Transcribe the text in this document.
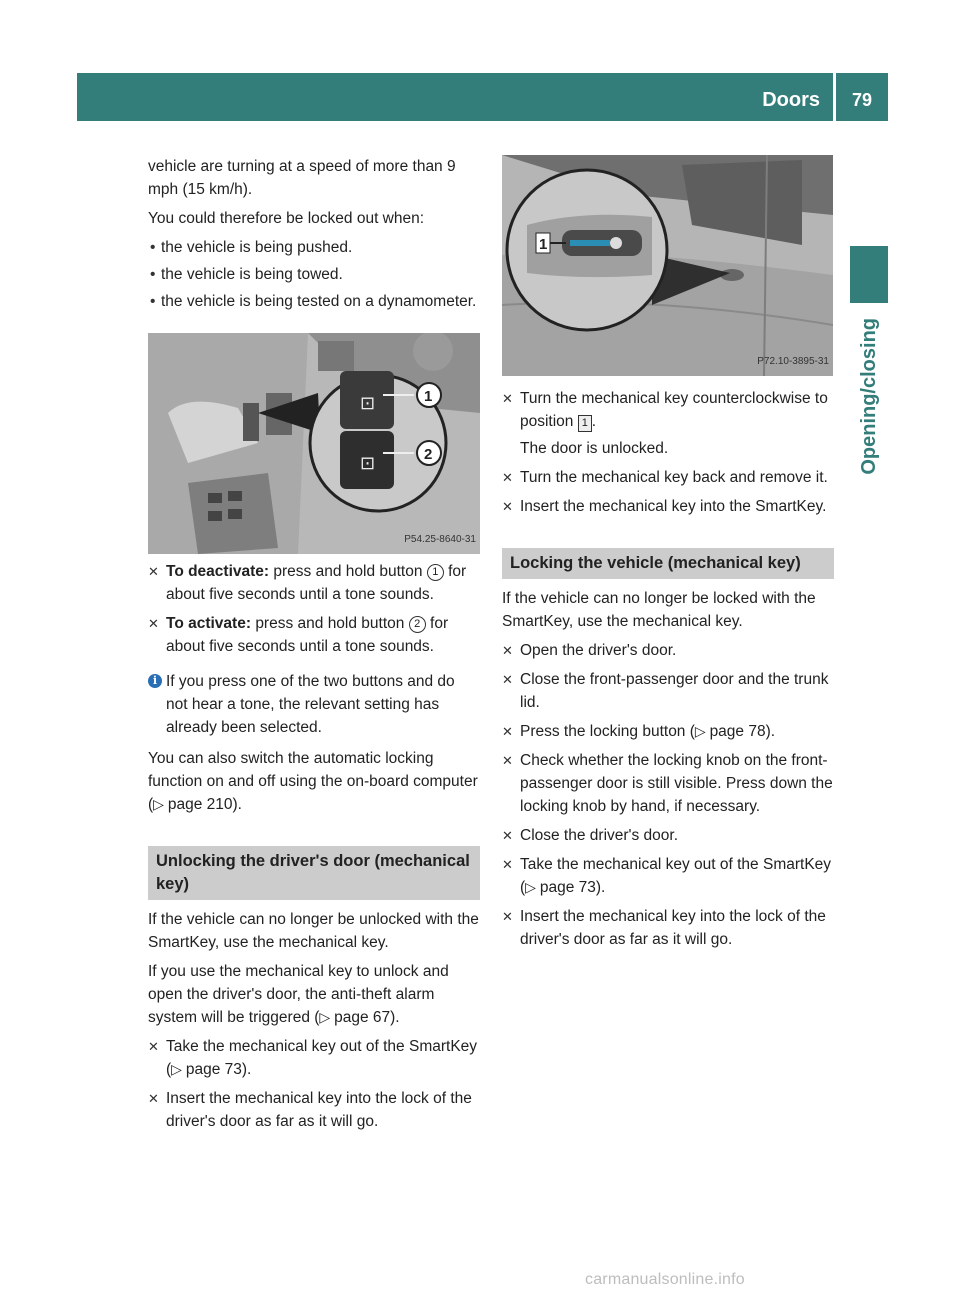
Doors	79
Opening/closing

vehicle are turning at a speed of more than 9 mph (15 km/h).

You could therefore be locked out when:

• the vehicle is being pushed.
• the vehicle is being towed.
• the vehicle is being tested on a dynamometer.
⊡
⊡
1
2
P54.25-8640-31
✕ To deactivate: press and hold button 1 for about five seconds until a tone sounds.
✕ To activate: press and hold button 2 for about five seconds until a tone sounds.
i If you press one of the two buttons and do not hear a tone, the relevant setting has already been selected.

You can also switch the automatic locking function on and off using the on-board computer (▷ page 210).

Unlocking the driver's door (mechanical key)

If the vehicle can no longer be unlocked with the SmartKey, use the mechanical key.

If you use the mechanical key to unlock and open the driver's door, the anti-theft alarm system will be triggered (▷ page 67).

✕ Take the mechanical key out of the SmartKey (▷ page 73).
✕ Insert the mechanical key into the lock of the driver's door as far as it will go.
1
P72.10-3895-31
✕ Turn the mechanical key counterclockwise to position 1 .
The door is unlocked.
✕ Turn the mechanical key back and remove it.
✕ Insert the mechanical key into the SmartKey.
Locking the vehicle (mechanical key)

If the vehicle can no longer be locked with the SmartKey, use the mechanical key.

✕ Open the driver's door.
✕ Close the front-passenger door and the trunk lid.
✕ Press the locking button (▷ page 78).
✕ Check whether the locking knob on the front-passenger door is still visible. Press down the locking knob by hand, if necessary.
✕ Close the driver's door.
✕ Take the mechanical key out of the SmartKey (▷ page 73).
✕ Insert the mechanical key into the lock of the driver's door as far as it will go.
carmanualsonline.info
